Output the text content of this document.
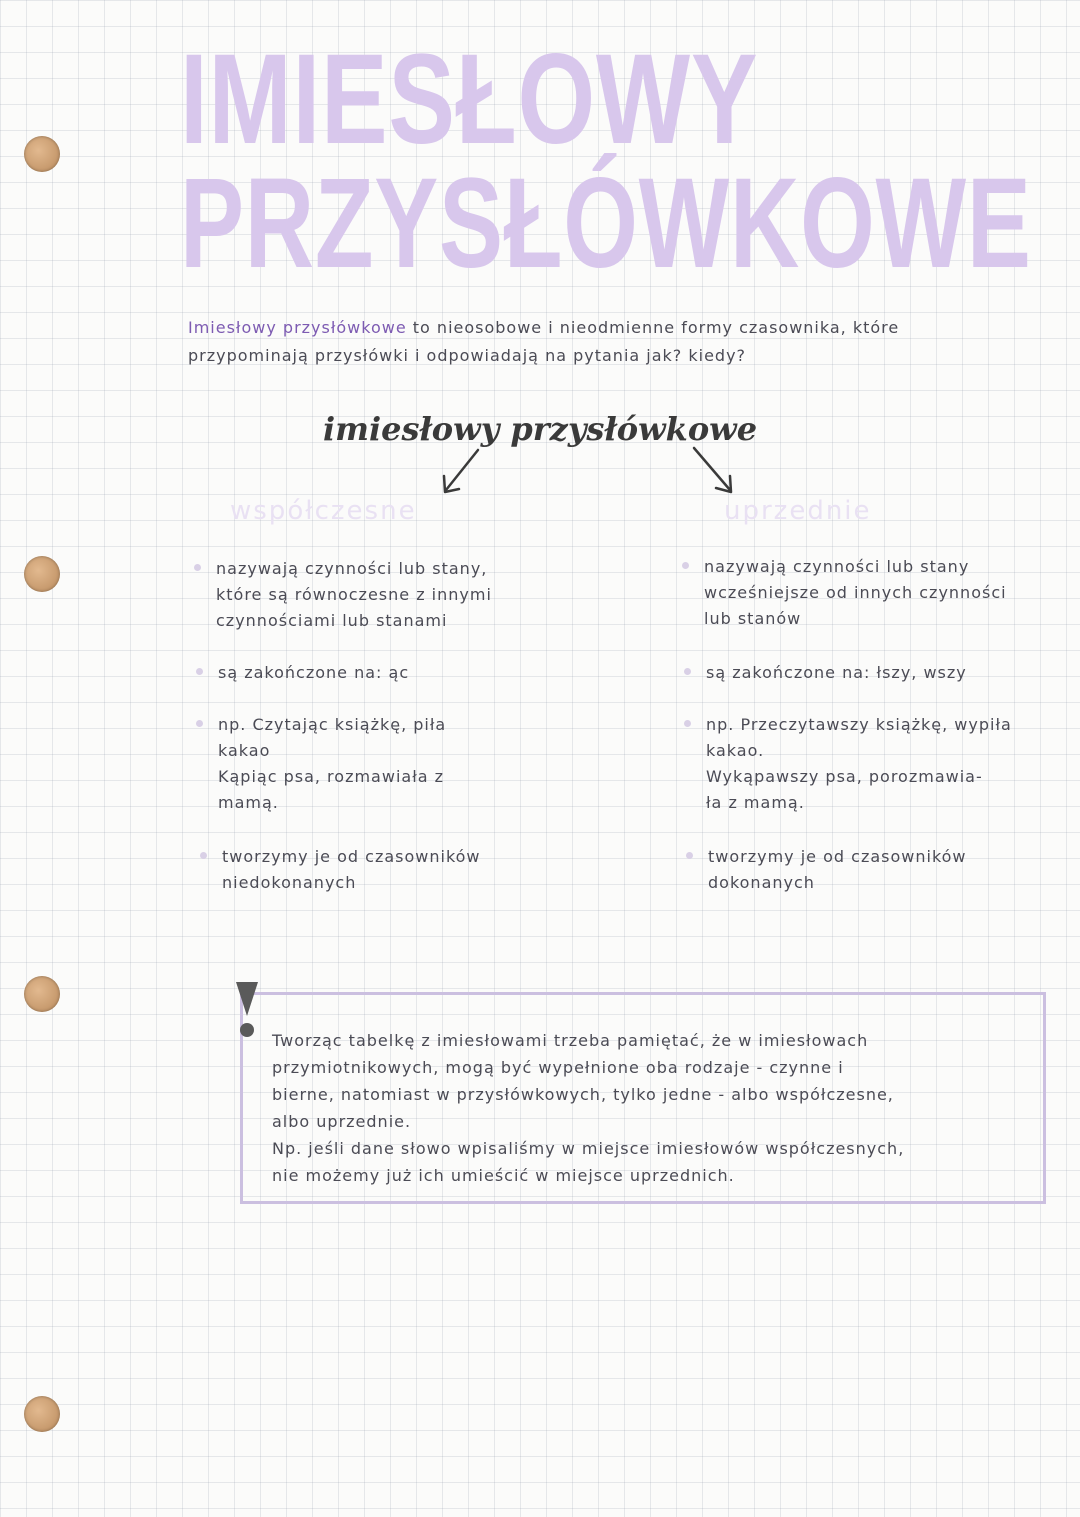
IMIESŁOWY
PRZYSŁÓWKOWE
Imiesłowy przysłówkowe to nieosobowe i nieodmienne formy czasownika, które przypominają przysłówki i odpowiadają na pytania jak? kiedy?
imiesłowy przysłówkowe
współczesne	uprzednie
nazywają czynności lub stany,
które są równoczesne z innymi
czynnościami lub stanami
są zakończone na: ąc
np. Czytając książkę, piła
kakao
Kąpiąc psa, rozmawiała z
mamą.
tworzymy je od czasowników
niedokonanych
nazywają czynności lub stany
wcześniejsze od innych czynności
lub stanów
są zakończone na: łszy, wszy
np. Przeczytawszy książkę, wypiła
kakao.
Wykąpawszy psa, porozmawia-
ła z mamą.
tworzymy je od czasowników
dokonanych
Tworząc tabelkę z imiesłowami trzeba pamiętać, że w imiesłowach
przymiotnikowych, mogą być wypełnione oba rodzaje - czynne i
bierne, natomiast w przysłówkowych, tylko jedne - albo współczesne,
albo uprzednie.
Np. jeśli dane słowo wpisaliśmy w miejsce imiesłowów współczesnych,
nie możemy już ich umieścić w miejsce uprzednich.
